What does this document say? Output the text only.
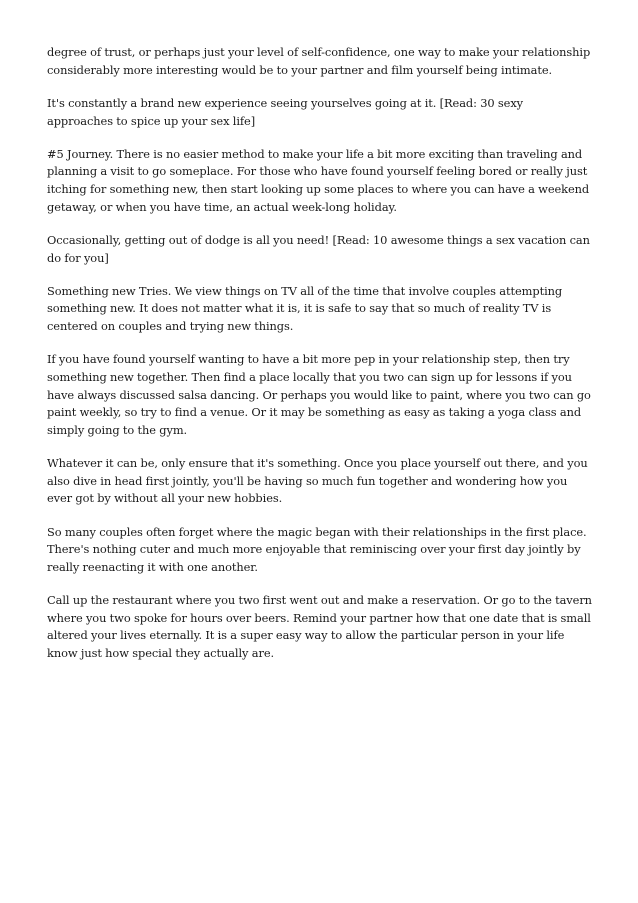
degree of trust, or perhaps just your level of self-confidence, one way to make your relationship considerably more interesting would be to your partner and film yourself being intimate.

It's constantly a brand new experience seeing yourselves going at it. [Read: 30 sexy approaches to spice up your sex life]

#5 Journey. There is no easier method to make your life a bit more exciting than traveling and planning a visit to go someplace. For those who have found yourself feeling bored or really just itching for something new, then start looking up some places to where you can have a weekend getaway, or when you have time, an actual week-long holiday.

Occasionally, getting out of dodge is all you need! [Read: 10 awesome things a sex vacation can do for you]

Something new Tries. We view things on TV all of the time that involve couples attempting something new. It does not matter what it is, it is safe to say that so much of reality TV is centered on couples and trying new things.

If you have found yourself wanting to have a bit more pep in your relationship step, then try something new together. Then find a place locally that you two can sign up for lessons if you have always discussed salsa dancing. Or perhaps you would like to paint, where you two can go paint weekly, so try to find a venue. Or it may be something as easy as taking a yoga class and simply going to the gym.

Whatever it can be, only ensure that it's something. Once you place yourself out there, and you also dive in head first jointly, you'll be having so much fun together and wondering how you ever got by without all your new hobbies.

So many couples often forget where the magic began with their relationships in the first place. There's nothing cuter and much more enjoyable that reminiscing over your first day jointly by really reenacting it with one another.

Call up the restaurant where you two first went out and make a reservation. Or go to the tavern where you two spoke for hours over beers. Remind your partner how that one date that is small altered your lives eternally. It is a super easy way to allow the particular person in your life know just how special they actually are.
